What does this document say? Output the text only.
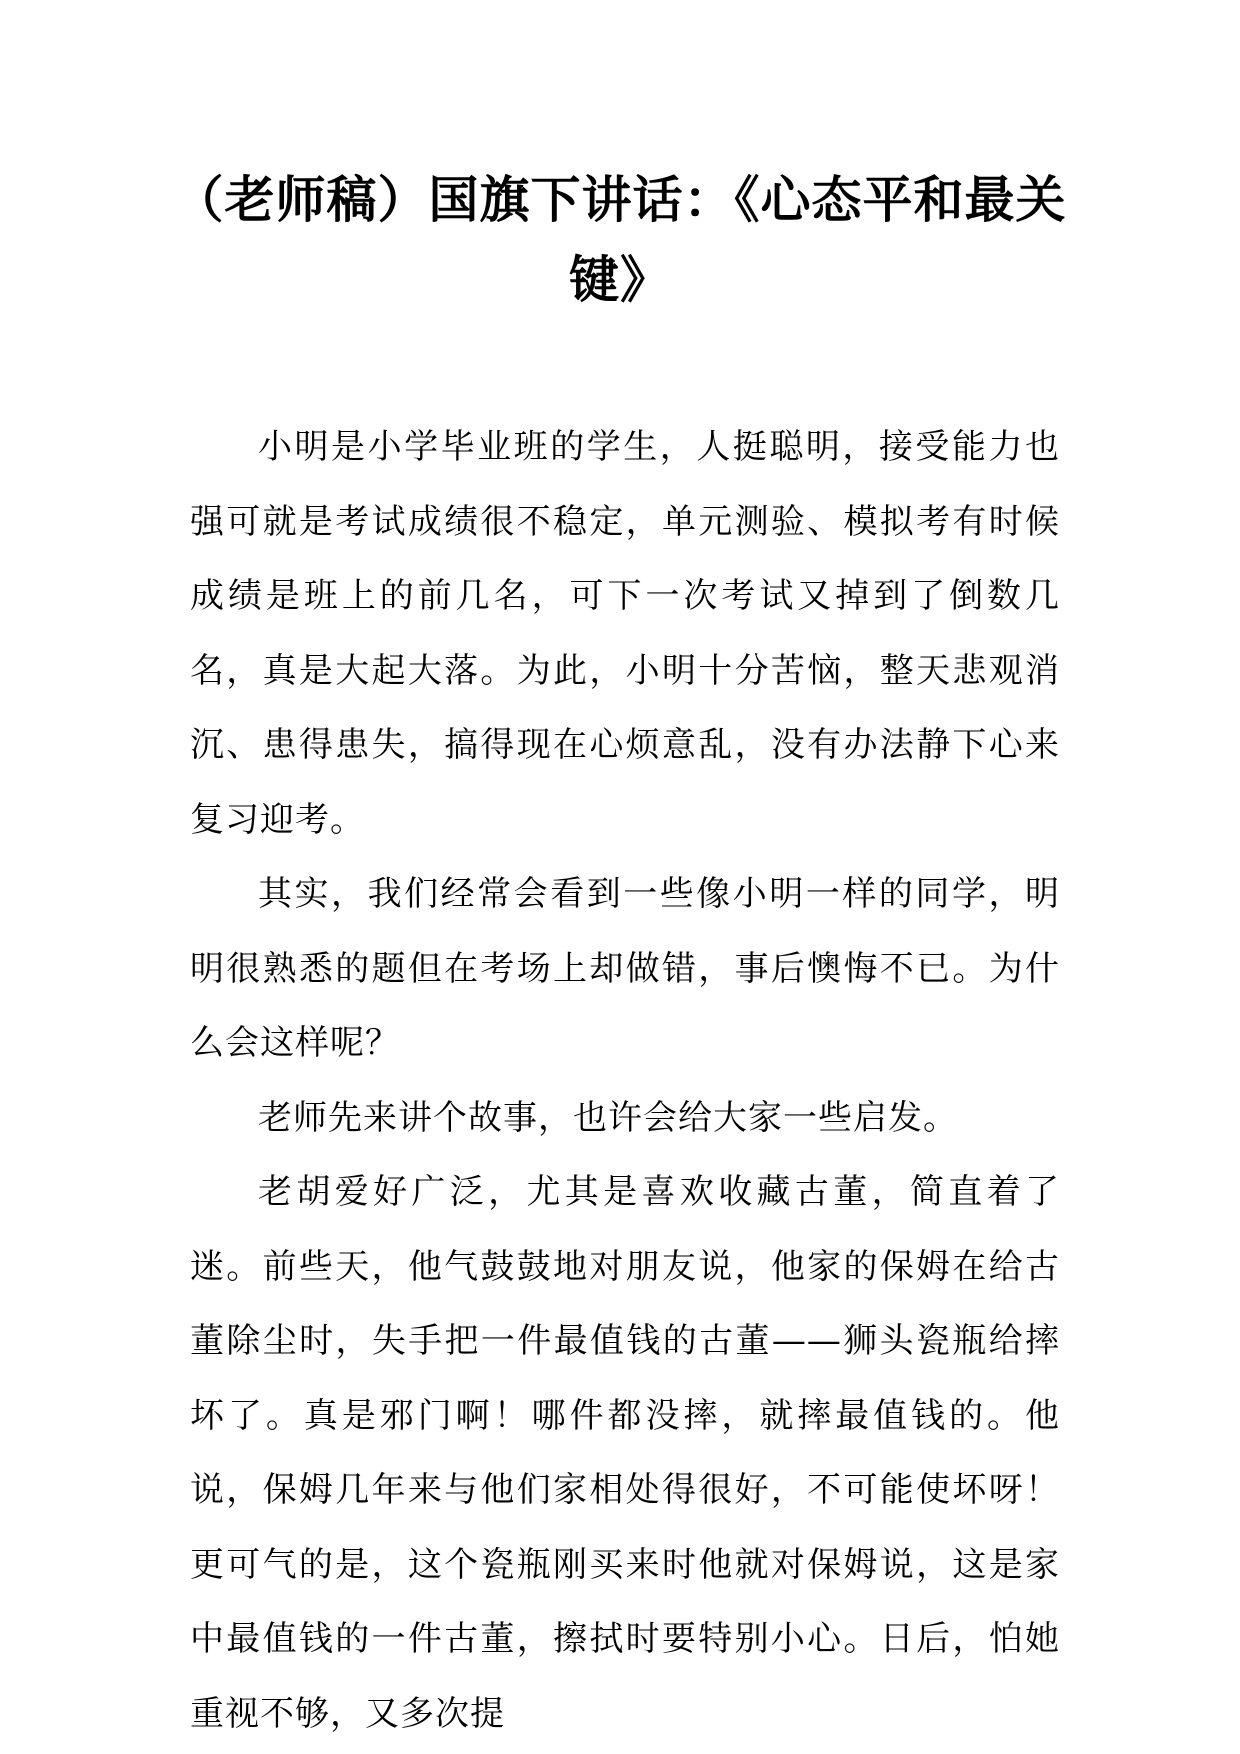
（老师稿）国旗下讲话：《心态平和最关键》

小明是小学毕业班的学生，人挺聪明，接受能力也强可就是考试成绩很不稳定，单元测验、模拟考有时候成绩是班上的前几名，可下一次考试又掉到了倒数几名，真是大起大落。为此，小明十分苦恼，整天悲观消沉、患得患失，搞得现在心烦意乱，没有办法静下心来复习迎考。

其实，我们经常会看到一些像小明一样的同学，明明很熟悉的题但在考场上却做错，事后懊悔不已。为什么会这样呢？

老师先来讲个故事，也许会给大家一些启发。

老胡爱好广泛，尤其是喜欢收藏古董，简直着了迷。前些天，他气鼓鼓地对朋友说，他家的保姆在给古董除尘时，失手把一件最值钱的古董——狮头瓷瓶给摔坏了。真是邪门啊！哪件都没摔，就摔最值钱的。他说，保姆几年来与他们家相处得很好，不可能使坏呀！更可气的是，这个瓷瓶刚买来时他就对保姆说，这是家中最值钱的一件古董，擦拭时要特别小心。日后，怕她重视不够，又多次提
